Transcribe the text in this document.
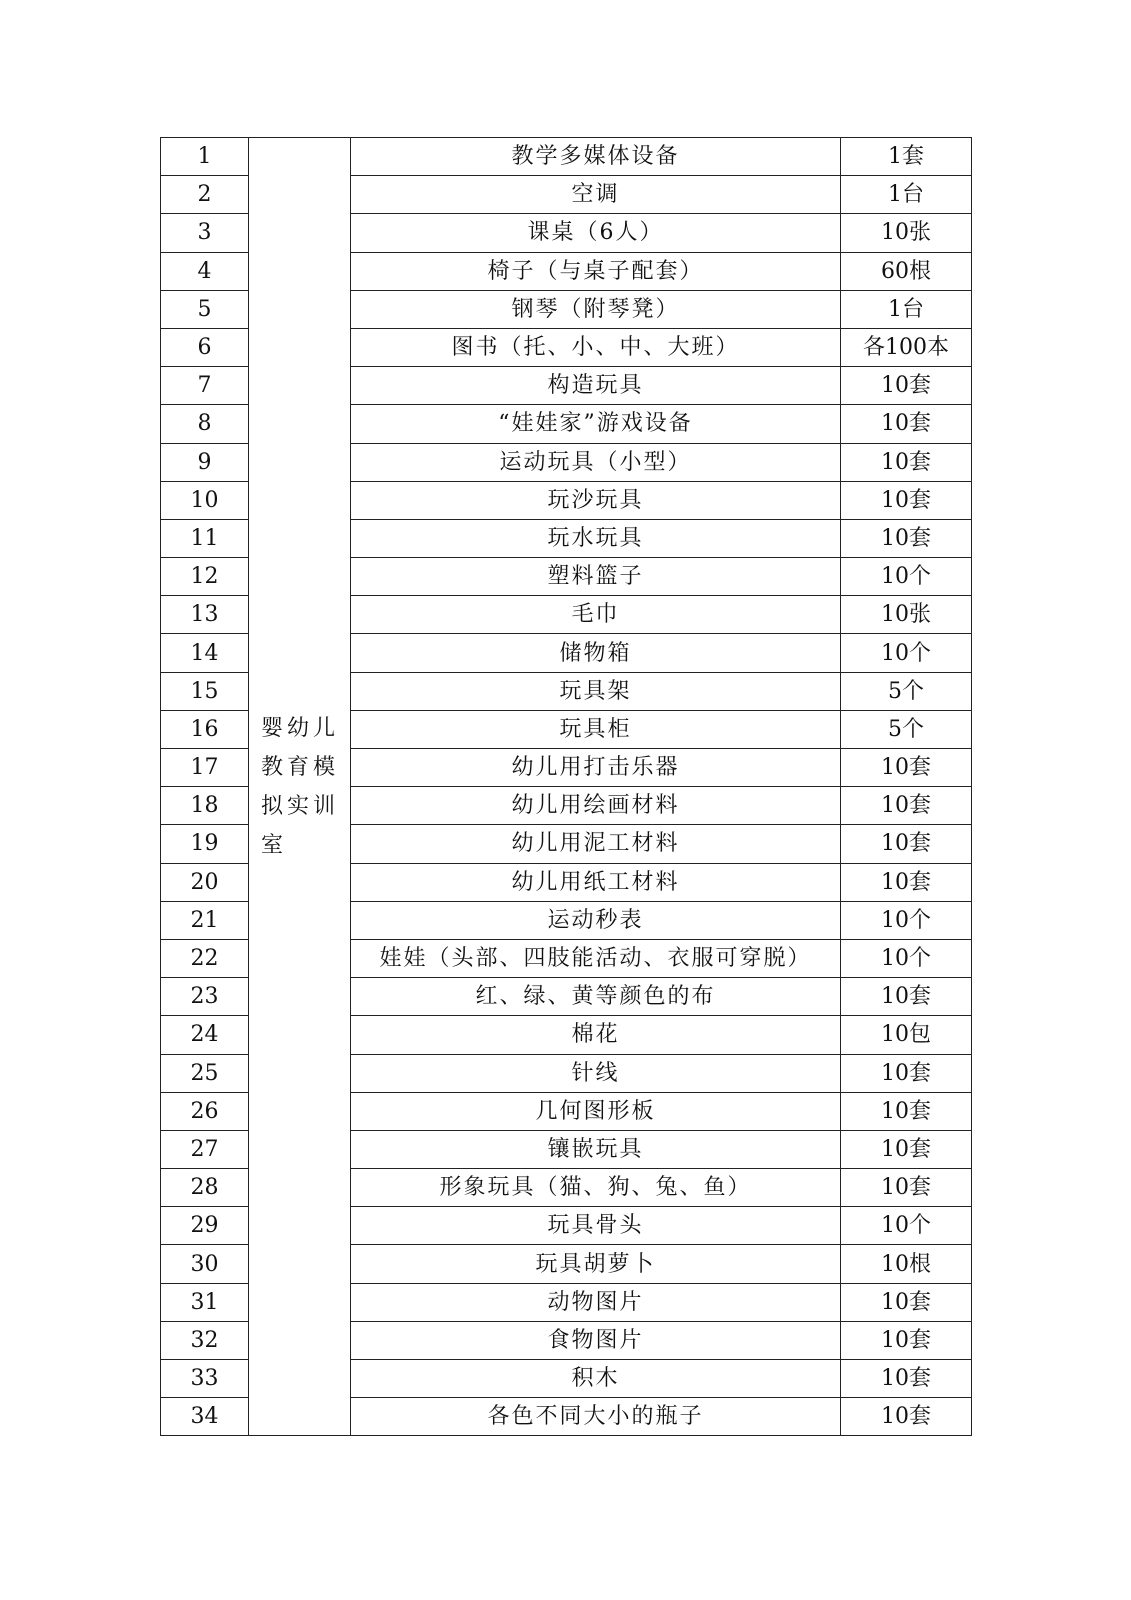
1	婴幼儿教育模拟实训室	教学多媒体设备	1套
2		空调	1台
3		课桌（6人）	10张
4		椅子（与桌子配套）	60根
5		钢琴（附琴凳）	1台
6		图书（托、小、中、大班）	各100本
7		构造玩具	10套
8		“娃娃家”游戏设备	10套
9		运动玩具（小型）	10套
10		玩沙玩具	10套
11		玩水玩具	10套
12		塑料篮子	10个
13		毛巾	10张
14		储物箱	10个
15		玩具架	5个
16		玩具柜	5个
17		幼儿用打击乐器	10套
18		幼儿用绘画材料	10套
19		幼儿用泥工材料	10套
20		幼儿用纸工材料	10套
21		运动秒表	10个
22		娃娃（头部、四肢能活动、衣服可穿脱）	10个
23		红、绿、黄等颜色的布	10套
24		棉花	10包
25		针线	10套
26		几何图形板	10套
27		镶嵌玩具	10套
28		形象玩具（猫、狗、兔、鱼）	10套
29		玩具骨头	10个
30		玩具胡萝卜	10根
31		动物图片	10套
32		食物图片	10套
33		积木	10套
34		各色不同大小的瓶子	10套
